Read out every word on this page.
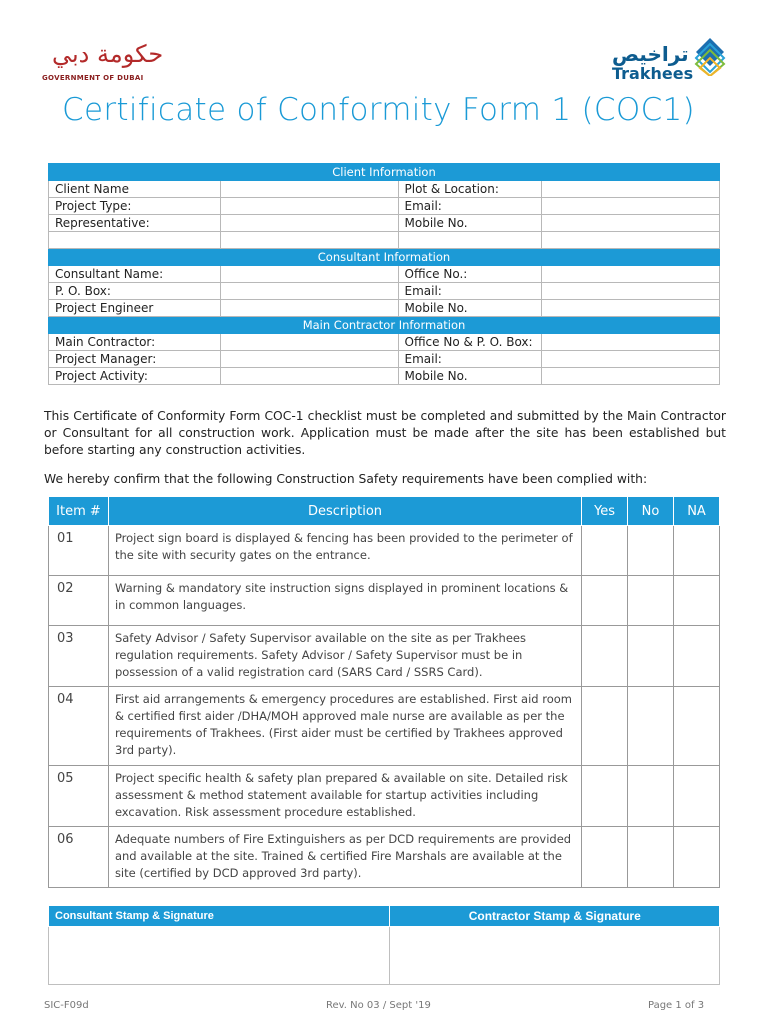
حكومة دبي
GOVERNMENT OF DUBAI
تراخيص
Trakhees
Certificate of Conformity Form 1 (COC1)
Client Information			
Client Name		Plot & Location:	
Project Type:		Email:	
Representative:		Mobile No.	

Consultant Information			
Consultant Name:		Office No.:	
P. O. Box:		Email:	
Project Engineer		Mobile No.	
Main Contractor Information			
Main Contractor:		Office No & P. O. Box:	
Project Manager:		Email:	
Project Activity:		Mobile No.	
This Certificate of Conformity Form COC-1 checklist must be completed and submitted by the Main Contractor or Consultant for all construction work. Application must be made after the site has been established but before starting any construction activities.
We hereby confirm that the following Construction Safety requirements have been complied with:
Item #	Description	Yes	No	NA
01	Project sign board is displayed & fencing has been provided to the perimeter of the site with security gates on the entrance.			
02	Warning & mandatory site instruction signs displayed in prominent locations & in common languages.			
03	Safety Advisor / Safety Supervisor available on the site as per Trakhees regulation requirements. Safety Advisor / Safety Supervisor must be in possession of a valid registration card (SARS Card / SSRS Card).			
04	First aid arrangements & emergency procedures are established. First aid room & certified first aider /DHA/MOH approved male nurse are available as per the requirements of Trakhees. (First aider must be certified by Trakhees approved 3rd party).			
05	Project specific health & safety plan prepared & available on site. Detailed risk assessment & method statement available for startup activities including excavation. Risk assessment procedure established.			
06	Adequate numbers of Fire Extinguishers as per DCD requirements are provided and available at the site. Trained & certified Fire Marshals are available at the site (certified by DCD approved 3rd party).			
Consultant Stamp & Signature	Contractor Stamp & Signature

SIC-F09d	Rev. No 03 / Sept '19	Page 1 of 3
